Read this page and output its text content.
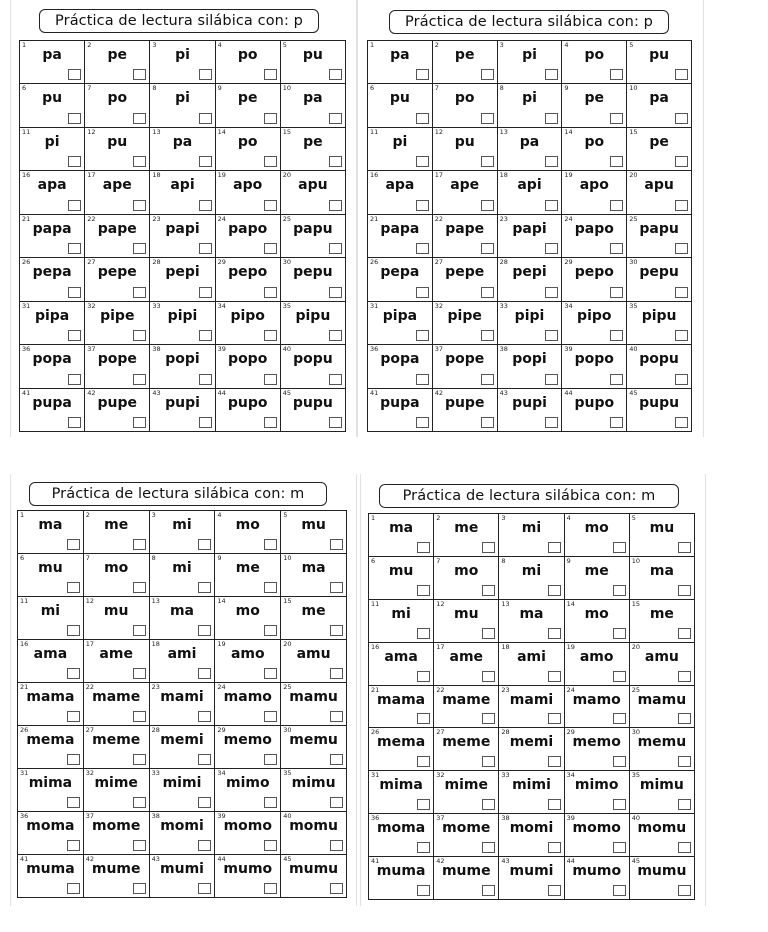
Práctica de lectura silábica con: p
1
pa
2
pe
3
pi
4
po
5
pu
6
pu
7
po
8
pi
9
pe
10
pa
11
pi
12
pu
13
pa
14
po
15
pe
16
apa
17
ape
18
api
19
apo
20
apu
21
papa
22
pape
23
papi
24
papo
25
papu
26
pepa
27
pepe
28
pepi
29
pepo
30
pepu
31
pipa
32
pipe
33
pipi
34
pipo
35
pipu
36
popa
37
pope
38
popi
39
popo
40
popu
41
pupa
42
pupe
43
pupi
44
pupo
45
pupu
Práctica de lectura silábica con: p
1
pa
2
pe
3
pi
4
po
5
pu
6
pu
7
po
8
pi
9
pe
10
pa
11
pi
12
pu
13
pa
14
po
15
pe
16
apa
17
ape
18
api
19
apo
20
apu
21
papa
22
pape
23
papi
24
papo
25
papu
26
pepa
27
pepe
28
pepi
29
pepo
30
pepu
31
pipa
32
pipe
33
pipi
34
pipo
35
pipu
36
popa
37
pope
38
popi
39
popo
40
popu
41
pupa
42
pupe
43
pupi
44
pupo
45
pupu
Práctica de lectura silábica con: m
1
ma
2
me
3
mi
4
mo
5
mu
6
mu
7
mo
8
mi
9
me
10
ma
11
mi
12
mu
13
ma
14
mo
15
me
16
ama
17
ame
18
ami
19
amo
20
amu
21
mama
22
mame
23
mami
24
mamo
25
mamu
26
mema
27
meme
28
memi
29
memo
30
memu
31
mima
32
mime
33
mimi
34
mimo
35
mimu
36
moma
37
mome
38
momi
39
momo
40
momu
41
muma
42
mume
43
mumi
44
mumo
45
mumu
Práctica de lectura silábica con: m
1
ma
2
me
3
mi
4
mo
5
mu
6
mu
7
mo
8
mi
9
me
10
ma
11
mi
12
mu
13
ma
14
mo
15
me
16
ama
17
ame
18
ami
19
amo
20
amu
21
mama
22
mame
23
mami
24
mamo
25
mamu
26
mema
27
meme
28
memi
29
memo
30
memu
31
mima
32
mime
33
mimi
34
mimo
35
mimu
36
moma
37
mome
38
momi
39
momo
40
momu
41
muma
42
mume
43
mumi
44
mumo
45
mumu
